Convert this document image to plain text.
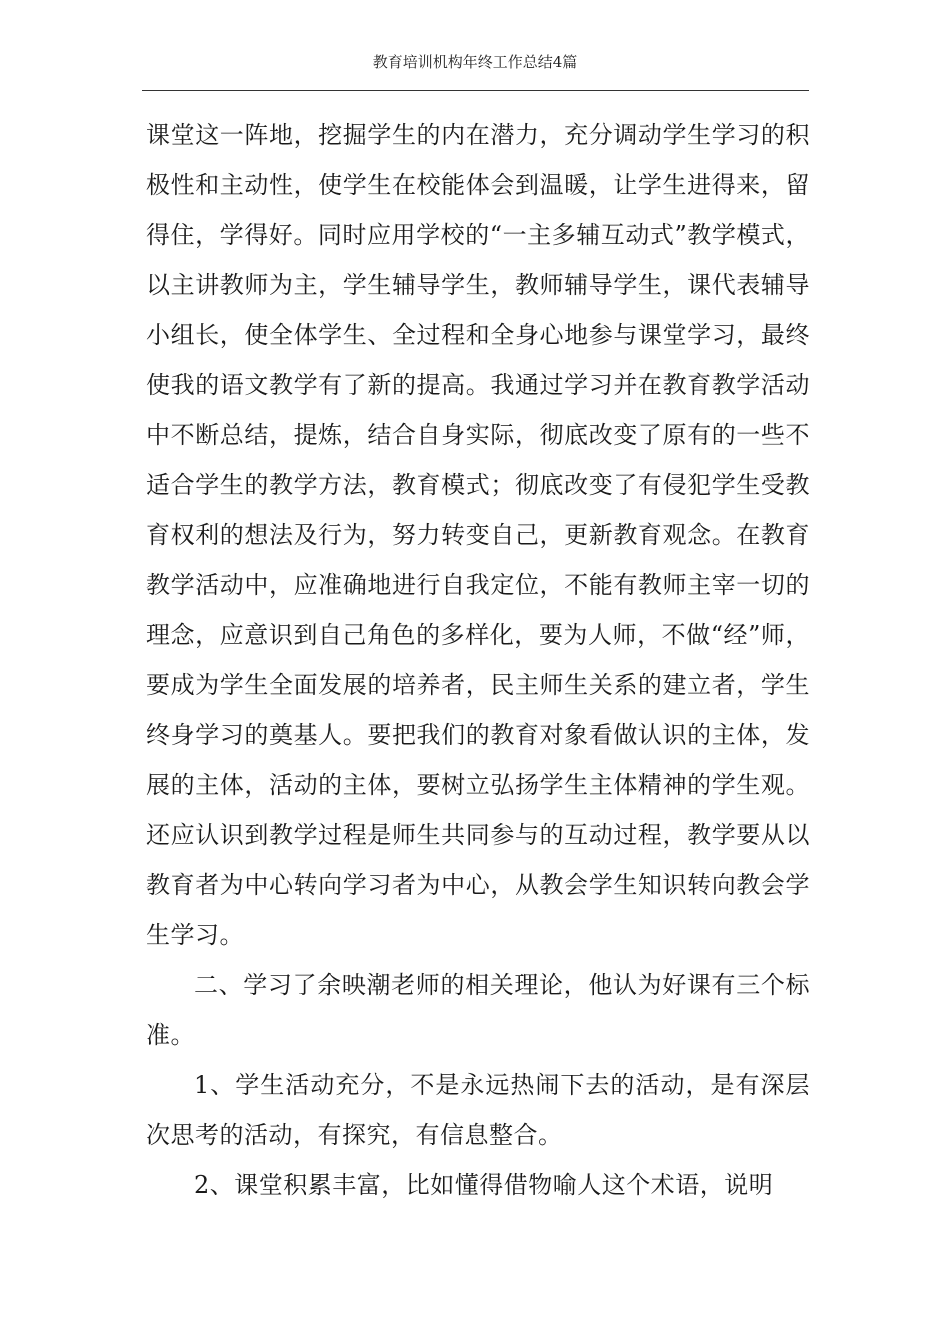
教育培训机构年终工作总结4篇

课堂这一阵地，挖掘学生的内在潜力，充分调动学生学习的积极性和主动性，使学生在校能体会到温暖，让学生进得来，留得住，学得好。同时应用学校的“一主多辅互动式”教学模式，以主讲教师为主，学生辅导学生，教师辅导学生，课代表辅导小组长，使全体学生、全过程和全身心地参与课堂学习，最终使我的语文教学有了新的提高。我通过学习并在教育教学活动中不断总结，提炼，结合自身实际，彻底改变了原有的一些不适合学生的教学方法，教育模式；彻底改变了有侵犯学生受教育权利的想法及行为，努力转变自己，更新教育观念。在教育教学活动中，应准确地进行自我定位，不能有教师主宰一切的理念，应意识到自己角色的多样化，要为人师，不做“经”师，要成为学生全面发展的培养者，民主师生关系的建立者，学生终身学习的奠基人。要把我们的教育对象看做认识的主体，发展的主体，活动的主体，要树立弘扬学生主体精神的学生观。还应认识到教学过程是师生共同参与的互动过程，教学要从以教育者为中心转向学习者为中心，从教会学生知识转向教会学生学习。

二、学习了余映潮老师的相关理论，他认为好课有三个标准。

1、学生活动充分，不是永远热闹下去的活动，是有深层次思考的活动，有探究，有信息整合。

2、课堂积累丰富，比如懂得借物喻人这个术语，说明
